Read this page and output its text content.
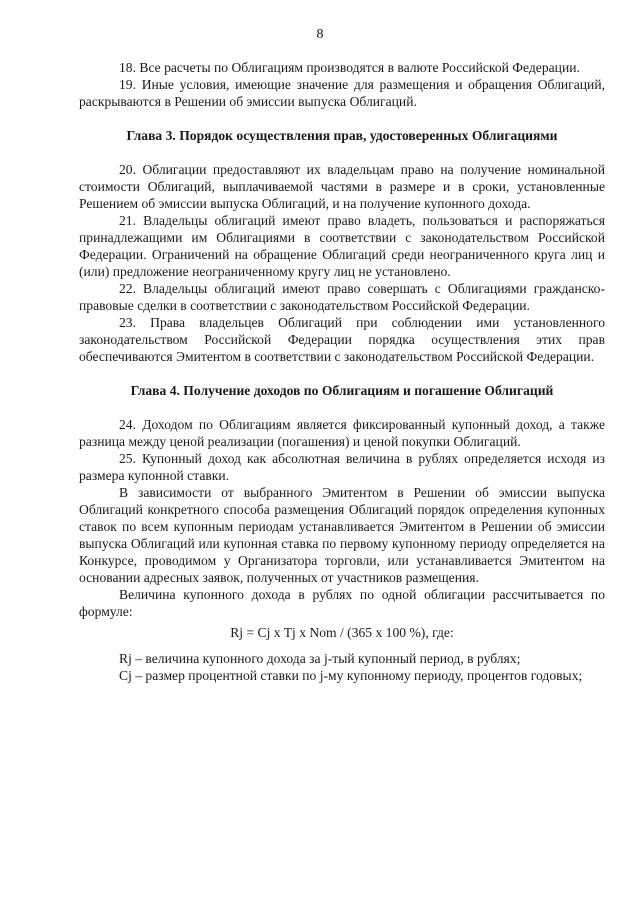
8

18. Все расчеты по Облигациям производятся в валюте Российской Федерации.

19. Иные условия, имеющие значение для размещения и обращения Облигаций, раскрываются в Решении об эмиссии выпуска Облигаций.

Глава 3. Порядок осуществления прав, удостоверенных Облигациями

20. Облигации предоставляют их владельцам право на получение номинальной стоимости Облигаций, выплачиваемой частями в размере и в сроки, установленные Решением об эмиссии выпуска Облигаций, и на получение купонного дохода.

21. Владельцы облигаций имеют право владеть, пользоваться и распоряжаться принадлежащими им Облигациями в соответствии с законодательством Российской Федерации. Ограничений на обращение Облигаций среди неограниченного круга лиц и (или) предложение неограниченному кругу лиц не установлено.

22. Владельцы облигаций имеют право совершать с Облигациями гражданско-правовые сделки в соответствии с законодательством Российской Федерации.

23. Права владельцев Облигаций при соблюдении ими установленного законодательством Российской Федерации порядка осуществления этих прав обеспечиваются Эмитентом в соответствии с законодательством Российской Федерации.

Глава 4. Получение доходов по Облигациям и погашение Облигаций

24. Доходом по Облигациям является фиксированный купонный доход, а также разница между ценой реализации (погашения) и ценой покупки Облигаций.

25. Купонный доход как абсолютная величина в рублях определяется исходя из размера купонной ставки.

В зависимости от выбранного Эмитентом в Решении об эмиссии выпуска Облигаций конкретного способа размещения Облигаций порядок определения купонных ставок по всем купонным периодам устанавливается Эмитентом в Решении об эмиссии выпуска Облигаций или купонная ставка по первому купонному периоду определяется на Конкурсе, проводимом у Организатора торговли, или устанавливается Эмитентом на основании адресных заявок, полученных от участников размещения.

Величина купонного дохода в рублях по одной облигации рассчитывается по формуле:

Rj = Cj x Tj x Nom / (365 x 100 %), где:

Rj – величина купонного дохода за j-тый купонный период, в рублях;

Cj – размер процентной ставки по j-му купонному периоду, процентов годовых;
